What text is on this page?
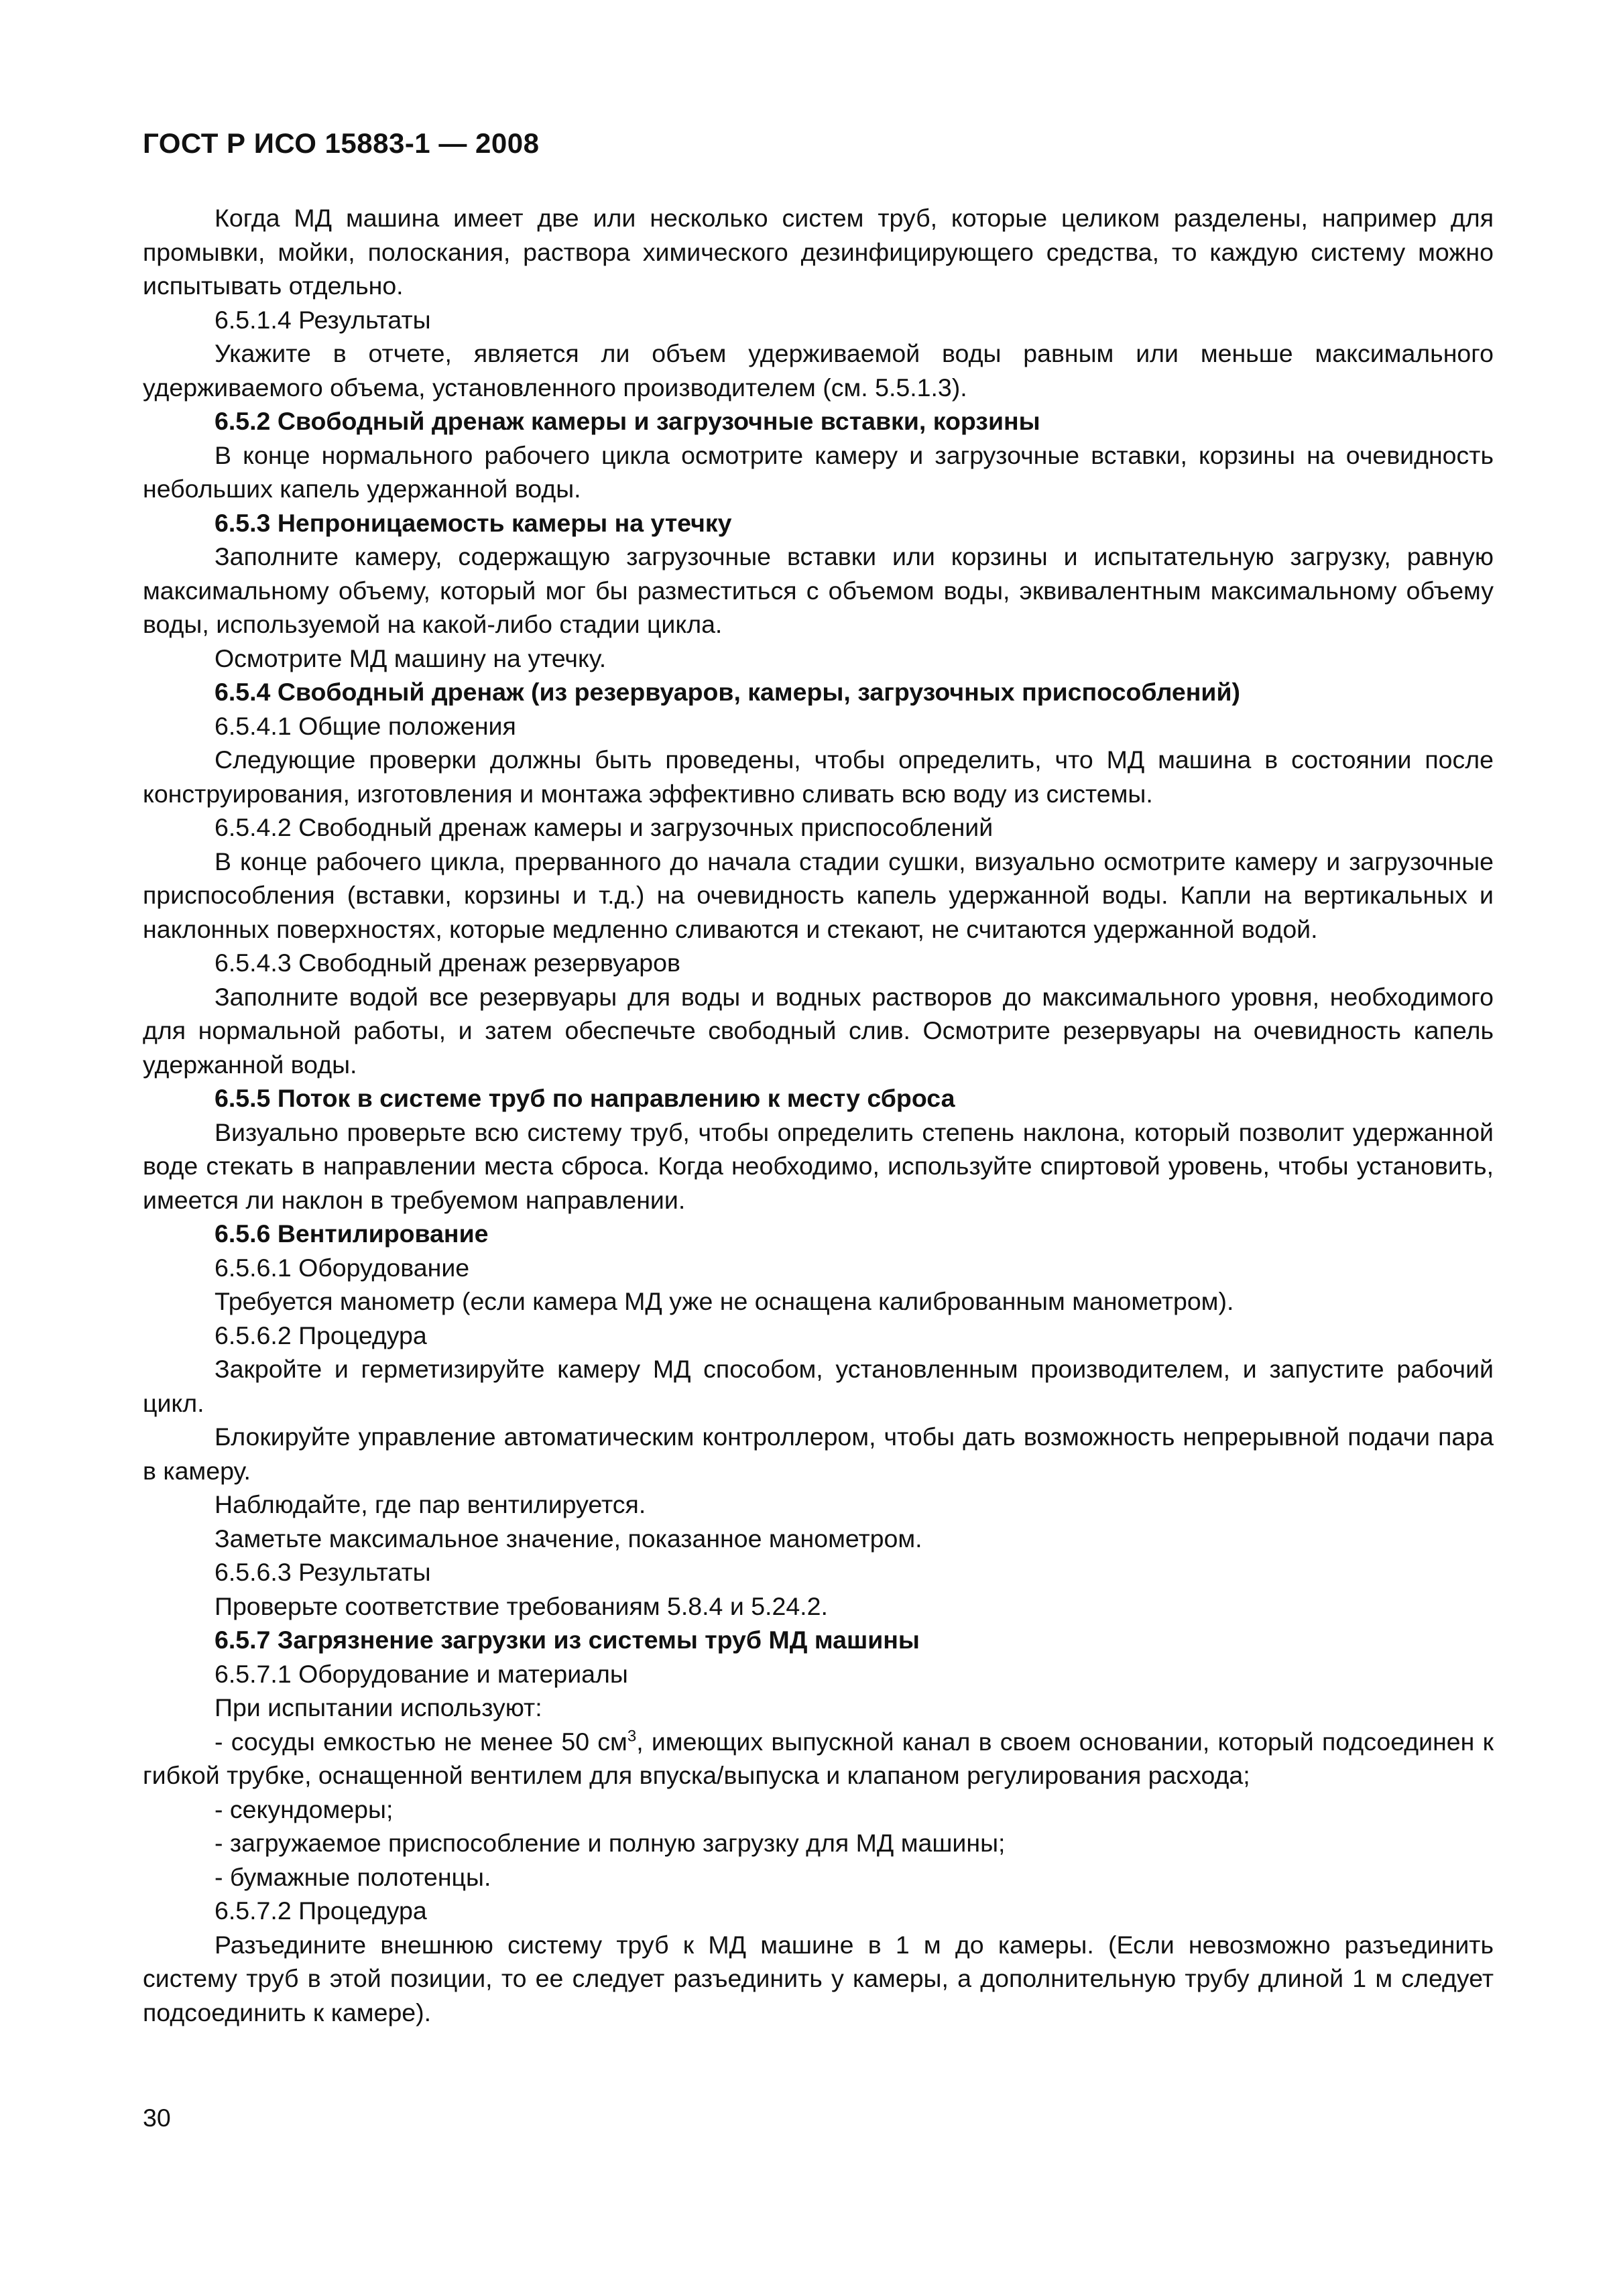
ГОСТ Р ИСО 15883-1 — 2008

Когда МД машина имеет две или несколько систем труб, которые целиком разделены, например для промывки, мойки, полоскания, раствора химического дезинфицирующего средства, то каждую систему можно испытывать отдельно.

6.5.1.4 Результаты

Укажите в отчете, является ли объем удерживаемой воды равным или меньше максимального удерживаемого объема, установленного производителем (см. 5.5.1.3).

6.5.2 Свободный дренаж камеры и загрузочные вставки, корзины

В конце нормального рабочего цикла осмотрите камеру и загрузочные вставки, корзины на очевидность небольших капель удержанной воды.

6.5.3 Непроницаемость камеры на утечку

Заполните камеру, содержащую загрузочные вставки или корзины и испытательную загрузку, равную максимальному объему, который мог бы разместиться с объемом воды, эквивалентным максимальному объему воды, используемой на какой-либо стадии цикла.

Осмотрите МД машину на утечку.

6.5.4 Свободный дренаж (из резервуаров, камеры, загрузочных приспособлений)

6.5.4.1 Общие положения

Следующие проверки должны быть проведены, чтобы определить, что МД машина в состоянии после конструирования, изготовления и монтажа эффективно сливать всю воду из системы.

6.5.4.2 Свободный дренаж камеры и загрузочных приспособлений

В конце рабочего цикла, прерванного до начала стадии сушки, визуально осмотрите камеру и загрузочные приспособления (вставки, корзины и т.д.) на очевидность капель удержанной воды. Капли на вертикальных и наклонных поверхностях, которые медленно сливаются и стекают, не считаются удержанной водой.

6.5.4.3 Свободный дренаж резервуаров

Заполните водой все резервуары для воды и водных растворов до максимального уровня, необходимого для нормальной работы, и затем обеспечьте свободный слив. Осмотрите резервуары на очевидность капель удержанной воды.

6.5.5 Поток в системе труб по направлению к месту сброса

Визуально проверьте всю систему труб, чтобы определить степень наклона, который позволит удержанной воде стекать в направлении места сброса. Когда необходимо, используйте спиртовой уровень, чтобы установить, имеется ли наклон в требуемом направлении.

6.5.6 Вентилирование

6.5.6.1 Оборудование

Требуется манометр (если камера МД уже не оснащена калиброванным манометром).

6.5.6.2 Процедура

Закройте и герметизируйте камеру МД способом, установленным производителем, и запустите рабочий цикл.

Блокируйте управление автоматическим контроллером, чтобы дать возможность непрерывной подачи пара в камеру.

Наблюдайте, где пар вентилируется.

Заметьте максимальное значение, показанное манометром.

6.5.6.3 Результаты

Проверьте соответствие требованиям 5.8.4 и 5.24.2.

6.5.7 Загрязнение загрузки из системы труб МД машины

6.5.7.1 Оборудование и материалы

При испытании используют:

- сосуды емкостью не менее 50 $см^3$, имеющих выпускной канал в своем основании, который подсоединен к гибкой трубке, оснащенной вентилем для впуска/выпуска и клапаном регулирования расхода;

- секундомеры;

- загружаемое приспособление и полную загрузку для МД машины;

- бумажные полотенцы.

6.5.7.2 Процедура

Разъедините внешнюю систему труб к МД машине в 1 м до камеры. (Если невозможно разъединить систему труб в этой позиции, то ее следует разъединить у камеры, а дополнительную трубу длиной 1 м следует подсоединить к камере).

30
